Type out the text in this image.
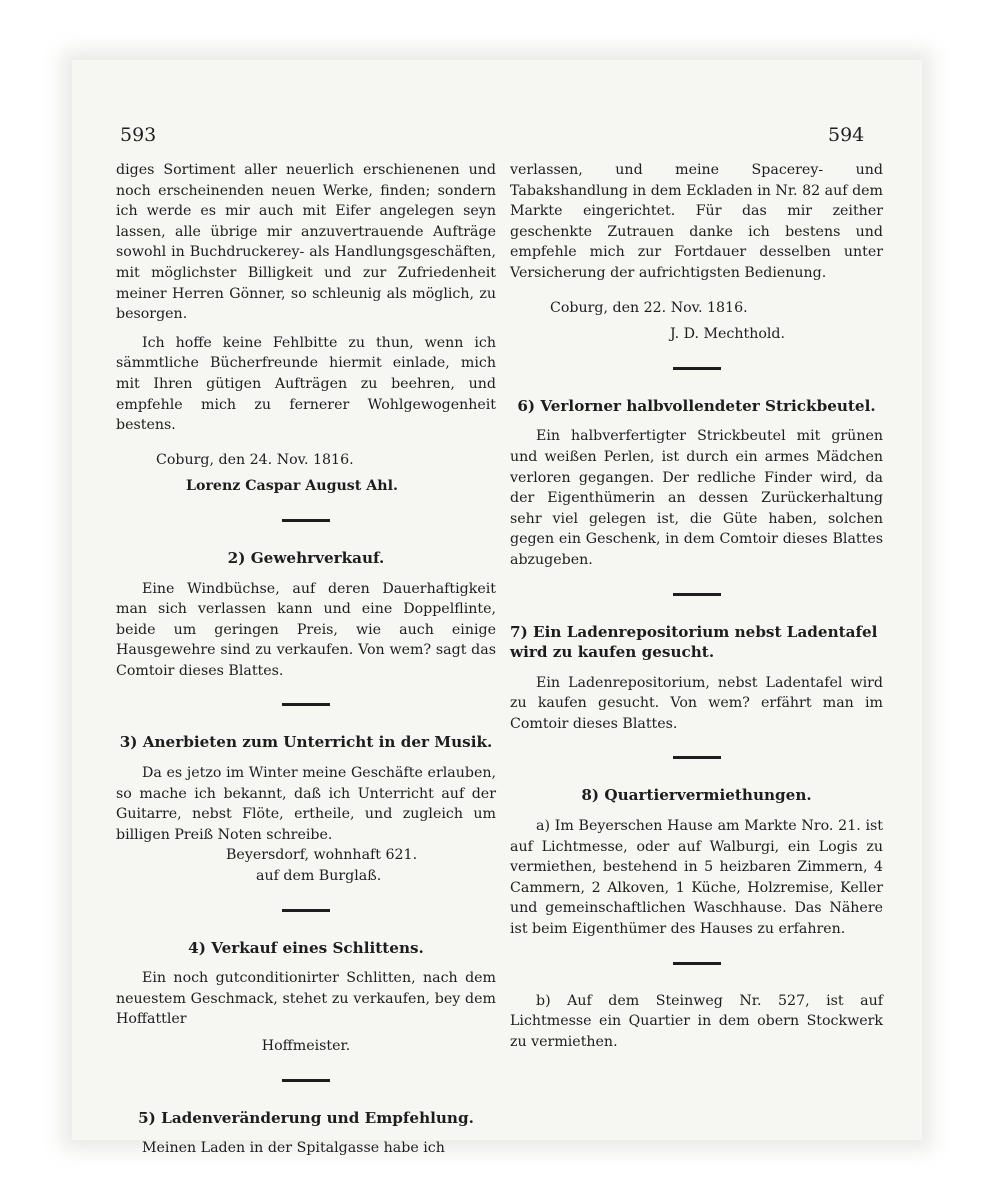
593	594

diges Sortiment aller neuerlich erschienenen und noch erscheinenden neuen Werke, finden; sondern ich werde es mir auch mit Eifer angelegen seyn lassen, alle übrige mir anzuvertrauende Aufträge sowohl in Buchdruckerey- als Handlungsgeschäften, mit möglichster Billigkeit und zur Zufriedenheit meiner Herren Gönner, so schleunig als möglich, zu besorgen.

Ich hoffe keine Fehlbitte zu thun, wenn ich sämmtliche Bücherfreunde hiermit einlade, mich mit Ihren gütigen Aufträgen zu beehren, und empfehle mich zu fernerer Wohlgewogenheit bestens.

Coburg, den 24. Nov. 1816.
Lorenz Caspar August Ahl.
2) Gewehrverkauf.

Eine Windbüchse, auf deren Dauerhaftigkeit man sich verlassen kann und eine Doppelflinte, beide um geringen Preis, wie auch einige Hausgewehre sind zu verkaufen. Von wem? sagt das Comtoir dieses Blattes.

3) Anerbieten zum Unterricht in der Musik.

Da es jetzo im Winter meine Geschäfte erlauben, so mache ich bekannt, daß ich Unterricht auf der Guitarre, nebst Flöte, ertheile, und zugleich um billigen Preiß Noten schreibe.

Beyersdorf, wohnhaft 621.
auf dem Burglaß.
4) Verkauf eines Schlittens.

Ein noch gutconditionirter Schlitten, nach dem neuestem Geschmack, stehet zu verkaufen, bey dem Hoffattler

Hoffmeister.
5) Ladenveränderung und Empfehlung.

Meinen Laden in der Spitalgasse habe ich

verlassen, und meine Spacerey- und Tabakshandlung in dem Eckladen in Nr. 82 auf dem Markte eingerichtet. Für das mir zeither geschenkte Zutrauen danke ich bestens und empfehle mich zur Fortdauer desselben unter Versicherung der aufrichtigsten Bedienung.

Coburg, den 22. Nov. 1816.
J. D. Mechthold.
6) Verlorner halbvollendeter Strickbeutel.

Ein halbverfertigter Strickbeutel mit grünen und weißen Perlen, ist durch ein armes Mädchen verloren gegangen. Der redliche Finder wird, da der Eigenthümerin an dessen Zurückerhaltung sehr viel gelegen ist, die Güte haben, solchen gegen ein Geschenk, in dem Comtoir dieses Blattes abzugeben.

7) Ein Ladenrepositorium nebst Ladentafel wird zu kaufen gesucht.

Ein Ladenrepositorium, nebst Ladentafel wird zu kaufen gesucht. Von wem? erfährt man im Comtoir dieses Blattes.

8) Quartiervermiethungen.

a) Im Beyerschen Hause am Markte Nro. 21. ist auf Lichtmesse, oder auf Walburgi, ein Logis zu vermiethen, bestehend in 5 heizbaren Zimmern, 4 Cammern, 2 Alkoven, 1 Küche, Holzremise, Keller und gemeinschaftlichen Waschhause. Das Nähere ist beim Eigenthümer des Hauses zu erfahren.

b) Auf dem Steinweg Nr. 527, ist auf Lichtmesse ein Quartier in dem obern Stockwerk zu vermiethen.
